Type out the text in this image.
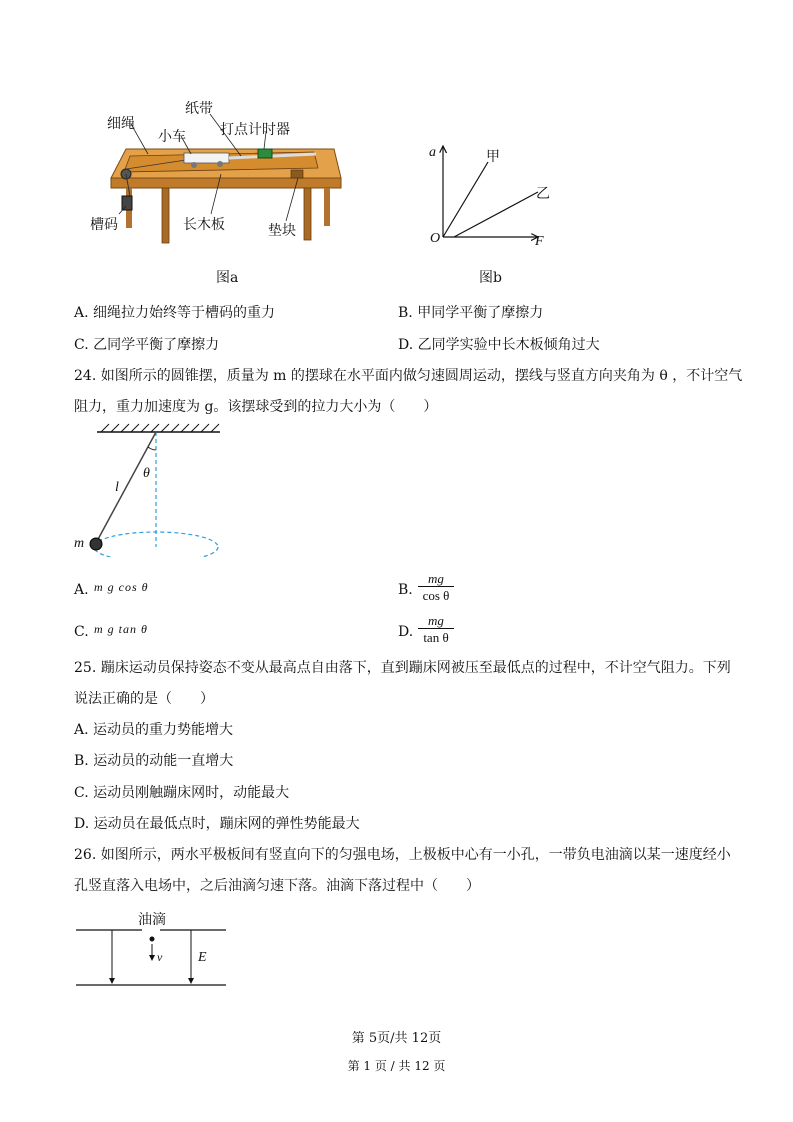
纸带
细绳
小车 打点计时器
槽码	长木板	垫块
图a
a	甲
乙
O	F
图b
A. 细绳拉力始终等于槽码的重力	B. 甲同学平衡了摩擦力
C. 乙同学平衡了摩擦力	D. 乙同学实验中长木板倾角过大
24. 如图所示的圆锥摆，质量为 m 的摆球在水平面内做匀速圆周运动，摆线与竖直方向夹角为 θ ，不计空气
阻力，重力加速度为 g。该摆球受到的拉力大小为（　　）
θ
l
m
A. m g cos θ	B. $\frac{mg}{\text{cos θ}}$
C. m g tan θ	D. $\frac{mg}{\text{tan θ}}$
25. 蹦床运动员保持姿态不变从最高点自由落下，直到蹦床网被压至最低点的过程中，不计空气阻力。下列
说法正确的是（　　）
A. 运动员的重力势能增大
B. 运动员的动能一直增大
C. 运动员刚触蹦床网时，动能最大
D. 运动员在最低点时，蹦床网的弹性势能最大
26. 如图所示，两水平极板间有竖直向下的匀强电场，上极板中心有一小孔，一带负电油滴以某一速度经小
孔竖直落入电场中，之后油滴匀速下落。油滴下落过程中（　　）
油滴
v	E
第 5页/共 12页
第 1 页 / 共 12 页
